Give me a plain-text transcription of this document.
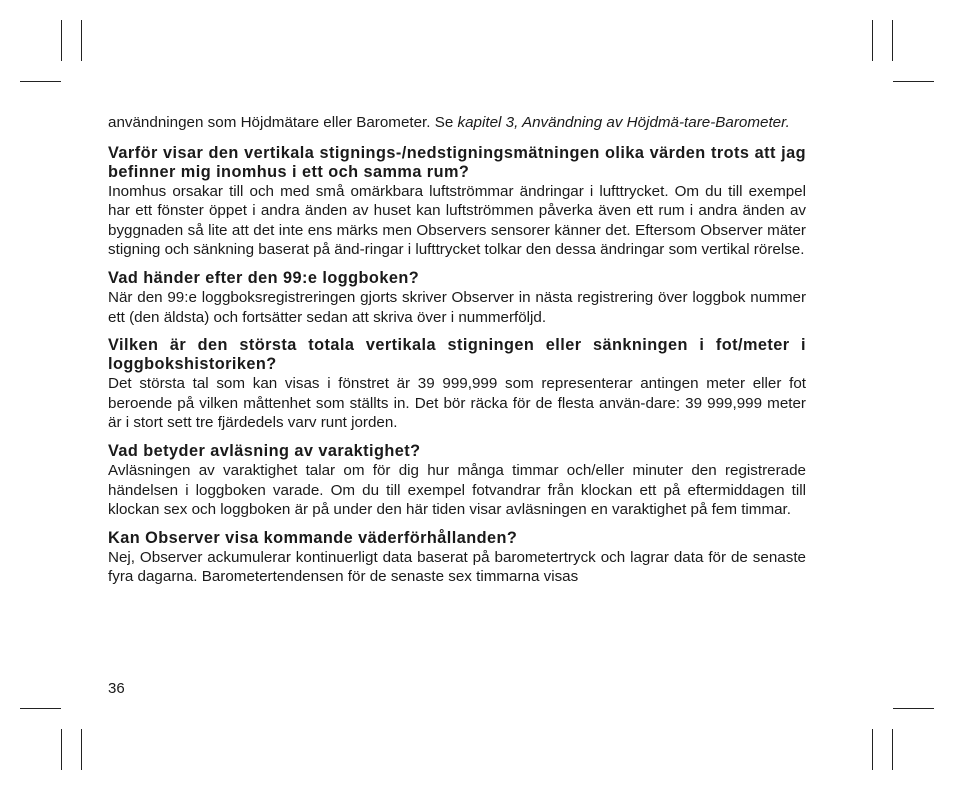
användningen som Höjdmätare eller Barometer. Se kapitel 3, Användning av Höjdmä-tare-Barometer.

Varför visar den vertikala stignings-/nedstigningsmätningen olika värden trots att jag befinner mig inomhus i ett och samma rum?

Inomhus orsakar till och med små omärkbara luftströmmar ändringar i lufttrycket. Om du till exempel har ett fönster öppet i andra änden av huset kan luftströmmen påverka även ett rum i andra änden av byggnaden så lite att det inte ens märks men Observers sensorer känner det. Eftersom Observer mäter stigning och sänkning baserat på änd-ringar i lufttrycket tolkar den dessa ändringar som vertikal rörelse.

Vad händer efter den 99:e loggboken?

När den 99:e loggboksregistreringen gjorts skriver Observer in nästa registrering över loggbok nummer ett (den äldsta) och fortsätter sedan att skriva över i nummerföljd.

Vilken är den största totala vertikala stigningen eller sänkningen i fot/meter i loggbokshistoriken?

Det största tal som kan visas i fönstret är 39 999,999 som representerar antingen meter eller fot beroende på vilken måttenhet som ställts in. Det bör räcka för de flesta använ-dare: 39 999,999 meter är i stort sett tre fjärdedels varv runt jorden.

Vad betyder avläsning av varaktighet?

Avläsningen av varaktighet talar om för dig hur många timmar och/eller minuter den registrerade händelsen i loggboken varade. Om du till exempel fotvandrar från klockan ett på eftermiddagen till klockan sex och loggboken är på under den här tiden visar avläsningen en varaktighet på fem timmar.

Kan Observer visa kommande väderförhållanden?

Nej, Observer ackumulerar kontinuerligt data baserat på barometertryck och lagrar data för de senaste fyra dagarna. Barometertendensen för de senaste sex timmarna visas

36
